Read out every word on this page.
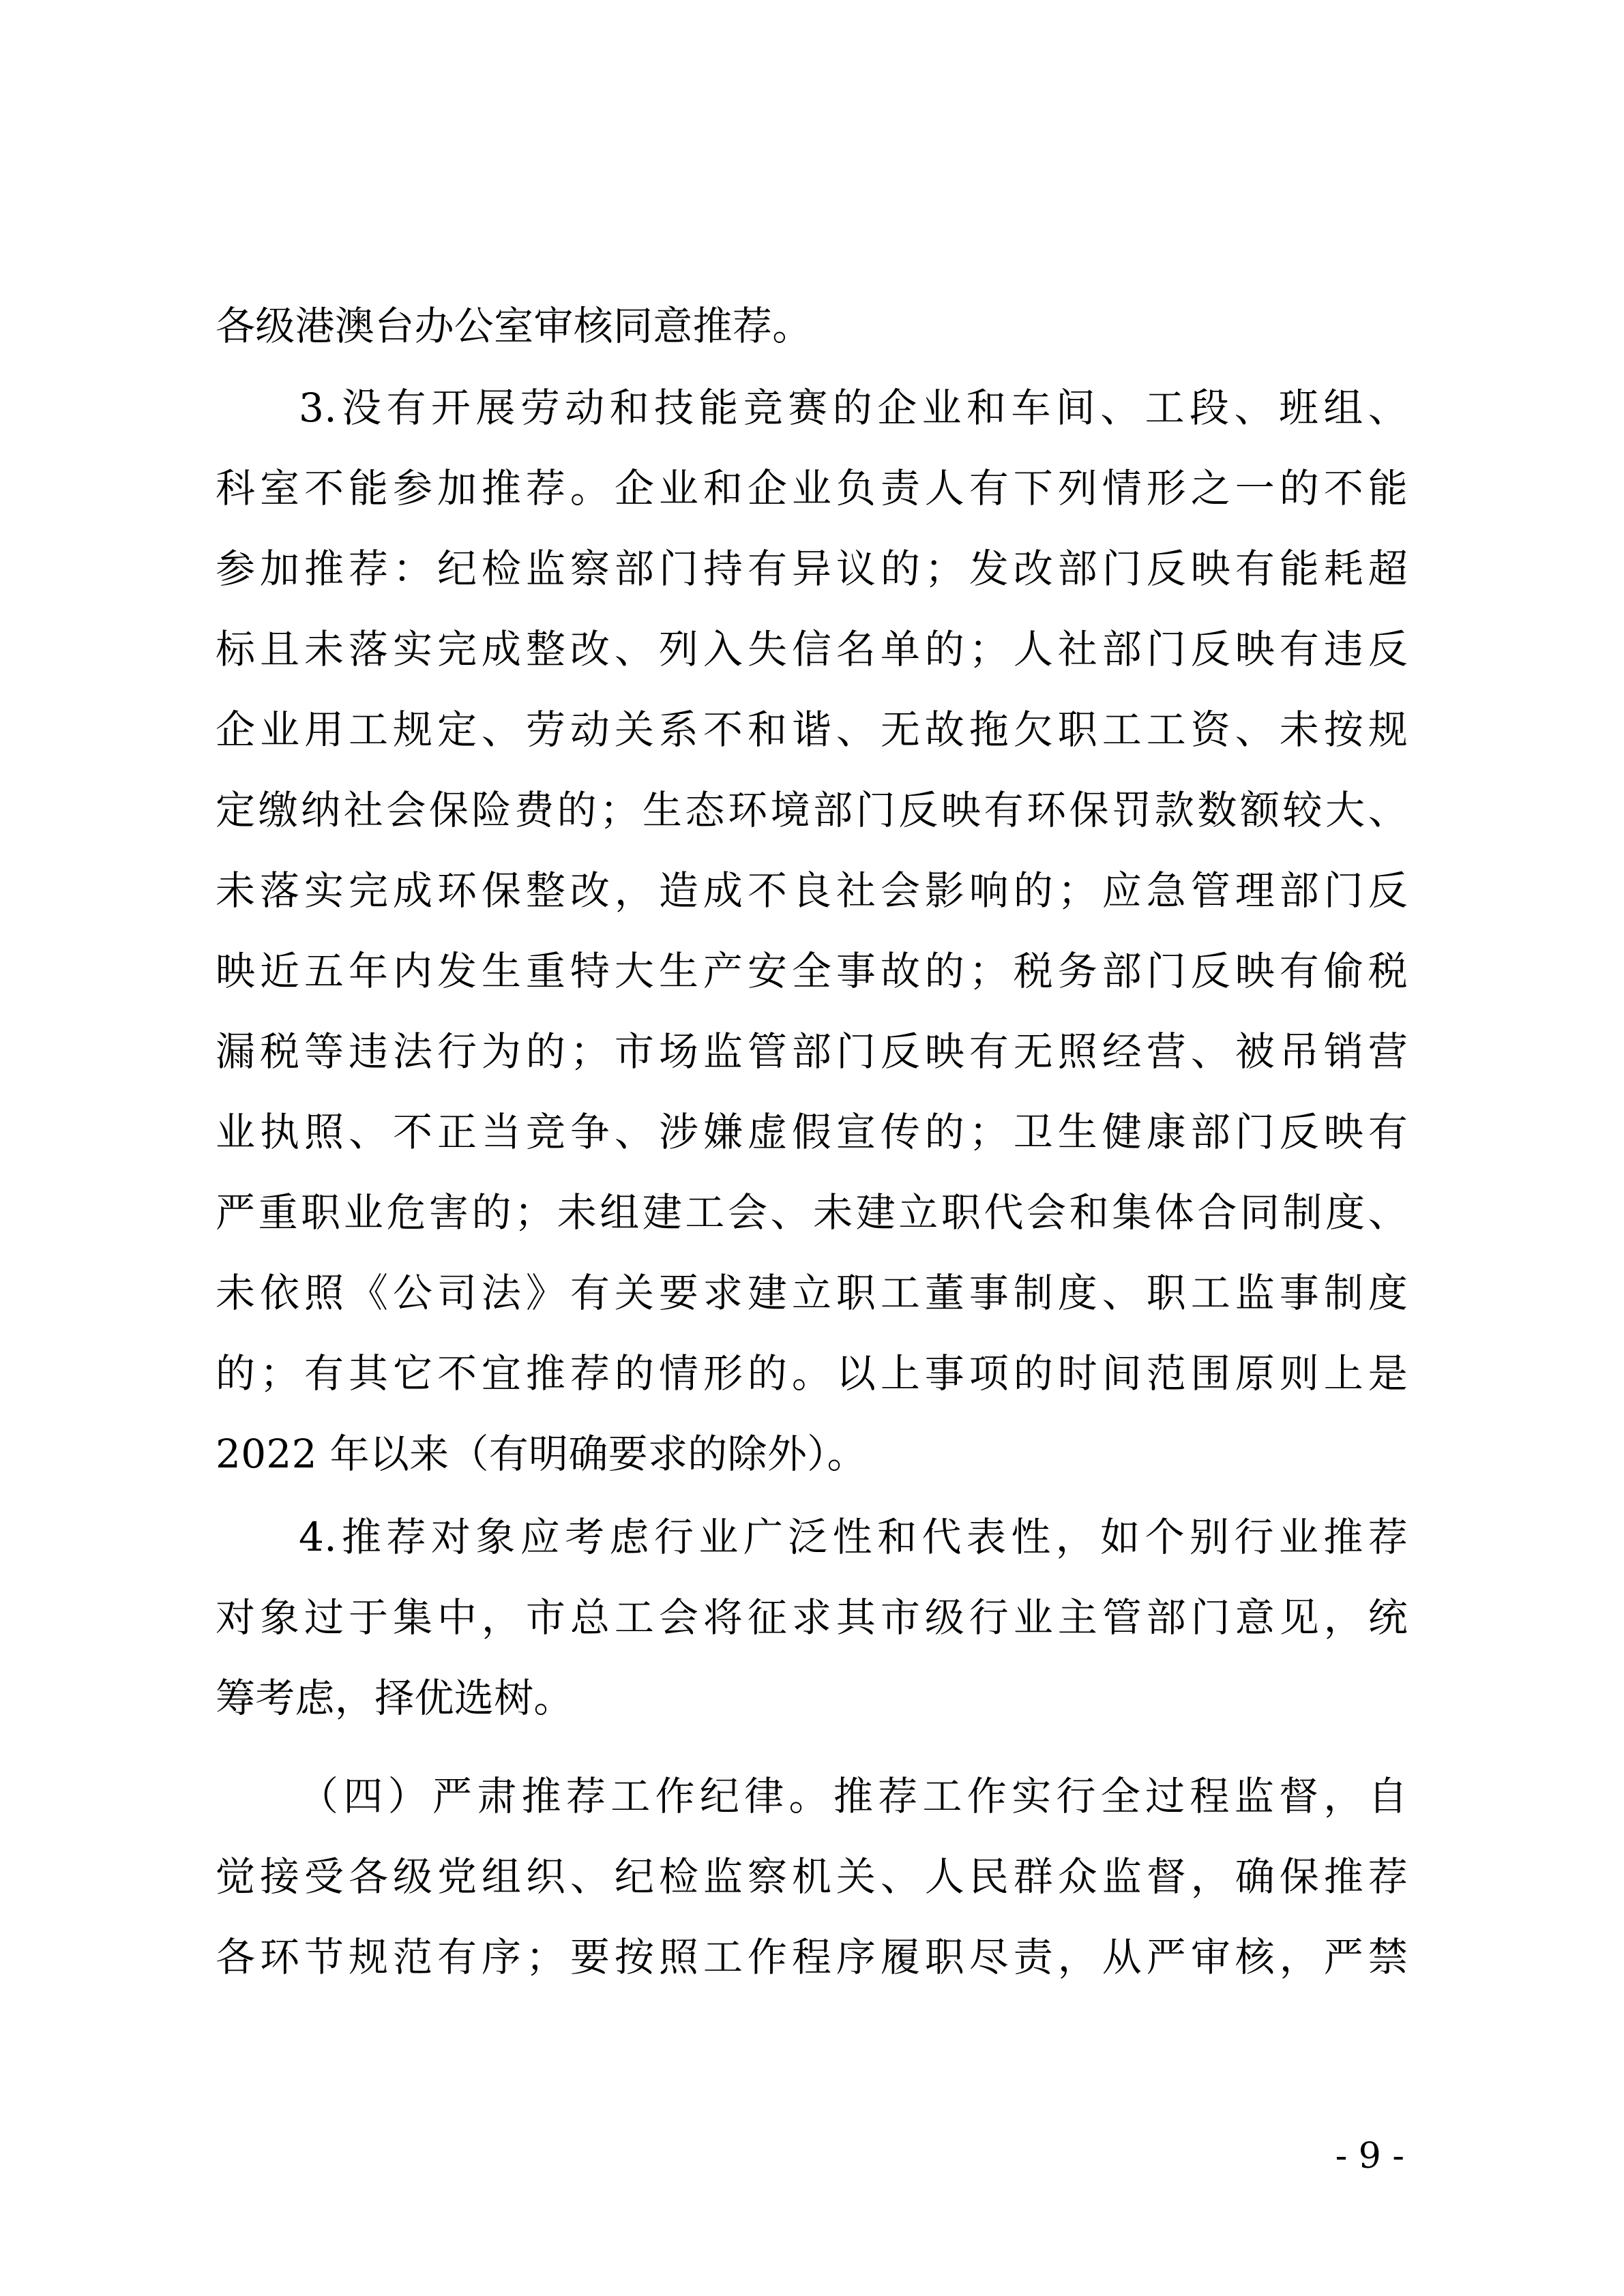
各级港澳台办公室审核同意推荐。
3.没有开展劳动和技能竞赛的企业和车间、工段、班组、
科室不能参加推荐。企业和企业负责人有下列情形之一的不能
参加推荐：纪检监察部门持有异议的；发改部门反映有能耗超
标且未落实完成整改、列入失信名单的；人社部门反映有违反
企业用工规定、劳动关系不和谐、无故拖欠职工工资、未按规
定缴纳社会保险费的；生态环境部门反映有环保罚款数额较大、
未落实完成环保整改，造成不良社会影响的；应急管理部门反
映近五年内发生重特大生产安全事故的；税务部门反映有偷税
漏税等违法行为的；市场监管部门反映有无照经营、被吊销营
业执照、不正当竞争、涉嫌虚假宣传的；卫生健康部门反映有
严重职业危害的；未组建工会、未建立职代会和集体合同制度、
未依照《公司法》有关要求建立职工董事制度、职工监事制度
的；有其它不宜推荐的情形的。以上事项的时间范围原则上是
2022 年以来（有明确要求的除外）。
4.推荐对象应考虑行业广泛性和代表性，如个别行业推荐
对象过于集中，市总工会将征求其市级行业主管部门意见，统
筹考虑，择优选树。
（四）严肃推荐工作纪律。推荐工作实行全过程监督，自
觉接受各级党组织、纪检监察机关、人民群众监督，确保推荐
各环节规范有序；要按照工作程序履职尽责，从严审核，严禁
- 9 -
